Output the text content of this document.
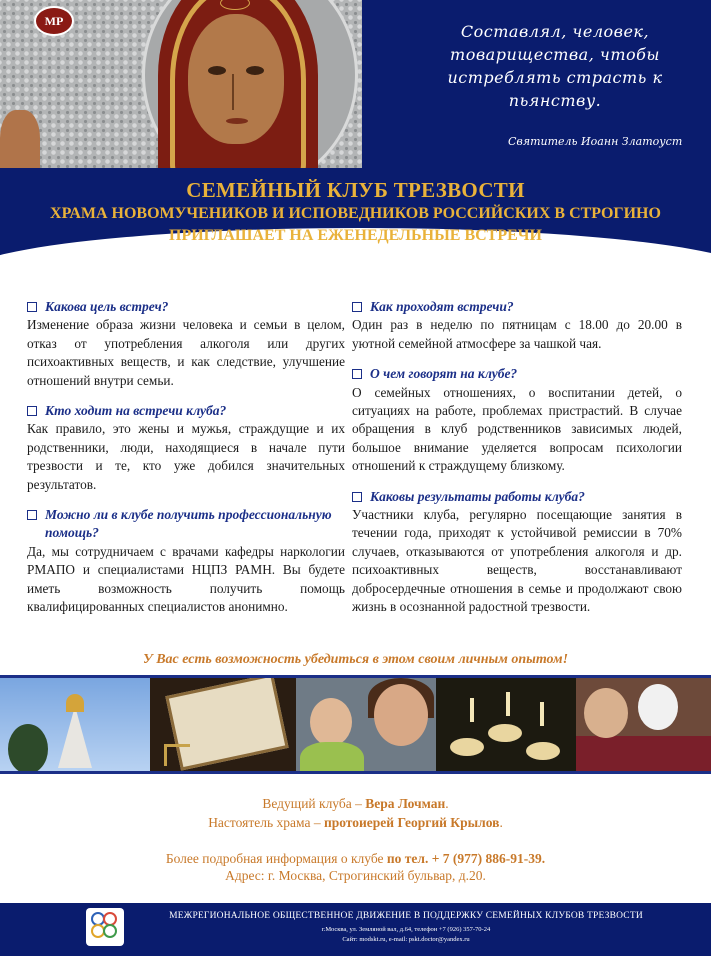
ΜΡ
Составлял, человек,
товарищества, чтобы
истреблять страсть к
пьянству.
Святитель Иоанн Златоуст
СЕМЕЙНЫЙ КЛУБ ТРЕЗВОСТИ
ХРАМА НОВОМУЧЕНИКОВ И ИСПОВЕДНИКОВ РОССИЙСКИХ В СТРОГИНО
ПРИГЛАШАЕТ НА ЕЖЕНЕДЕЛЬНЫЕ ВСТРЕЧИ
Какова цель встреч?
Изменение образа жизни человека и семьи в целом, отказ от употребления алкоголя или других психоактивных веществ, и как следствие, улучшение отношений внутри семьи.
Кто ходит на встречи клуба?
Как правило, это жены и мужья, страждущие и их родственники, люди, находящиеся в начале пути трезвости и те, кто уже добился значительных результатов.
Можно ли в клубе получить профессиональную помощь?
Да, мы сотрудничаем с врачами кафедры наркологии РМАПО и специалистами НЦПЗ РАМН. Вы будете иметь возможность получить помощь квалифицированных специалистов анонимно.
Как проходят встречи?
Один раз в неделю по пятницам с 18.00 до 20.00 в уютной семейной атмосфере за чашкой чая.
О чем говорят на клубе?
О семейных отношениях, о воспитании детей, о ситуациях на работе, проблемах пристрастий. В случае обращения в клуб родственников зависимых людей, большое внимание уделяется вопросам психологии отношений к страждущему близкому.
Каковы результаты работы клуба?
Участники клуба, регулярно посещающие занятия в течении года, приходят к устойчивой ремиссии в 70% случаев, отказываются от употребления алкоголя и др. психоактивных веществ, восстанавливают добросердечные отношения в семье и продолжают свою жизнь в осознанной радостной трезвости.
У Вас есть возможность убедиться в этом своим личным опытом!
Ведущий клуба – Вера Лочман.
Настоятель храма – протоиерей Георгий Крылов.
Более подробная информация о клубе по тел. + 7 (977) 886-91-39.
Адрес: г. Москва, Строгинский бульвар, д.20.
МЕЖРЕГИОНАЛЬНОЕ ОБЩЕСТВЕННОЕ ДВИЖЕНИЕ В ПОДДЕРЖКУ СЕМЕЙНЫХ КЛУБОВ ТРЕЗВОСТИ
г.Москва, ул. Земляной вал, д.64, телефон +7 (926) 357-70-24
Сайт: modskt.ru, e-mail: pskt.doctor@yandex.ru
